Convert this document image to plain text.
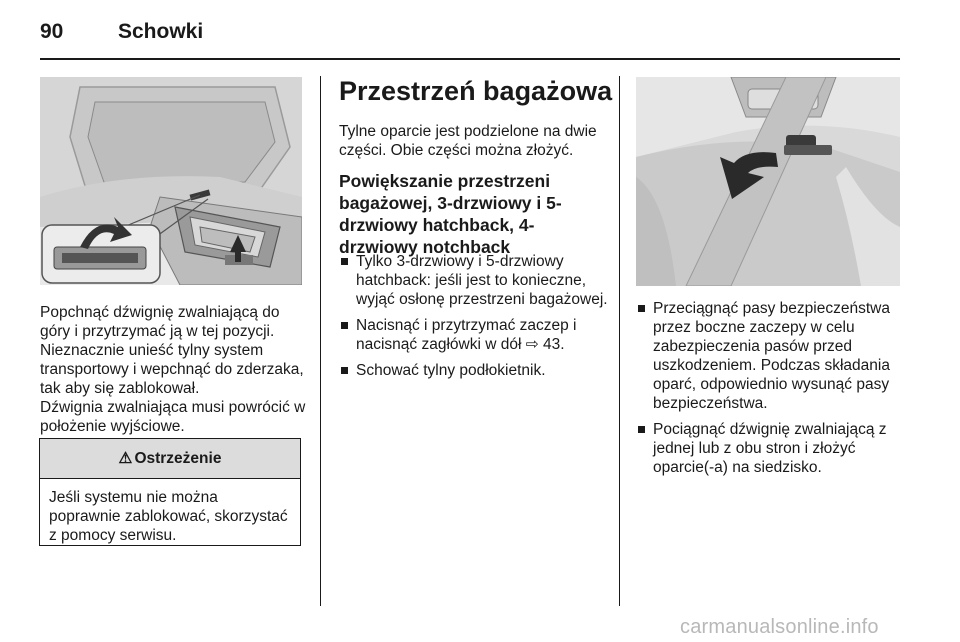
90	Schowki
Popchnąć dźwignię zwalniającą do góry i przytrzymać ją w tej pozycji. Nieznacznie unieść tylny system transportowy i wepchnąć do zderzaka, tak aby się zablokował.
Dźwignia zwalniająca musi powrócić w położenie wyjściowe.
⚠ Ostrzeżenie
Jeśli systemu nie można poprawnie zablokować, skorzystać z pomocy serwisu.
Przestrzeń bagażowa
Tylne oparcie jest podzielone na dwie części. Obie części można złożyć.
Powiększanie przestrzeni bagażowej, 3-drzwiowy i 5-drzwiowy hatchback, 4-drzwiowy notchback
Tylko 3-drzwiowy i 5-drzwiowy hatchback: jeśli jest to konieczne, wyjąć osłonę przestrzeni bagażowej.
Nacisnąć i przytrzymać zaczep i nacisnąć zagłówki w dół ⇨ 43.
Schować tylny podłokietnik.
Przeciągnąć pasy bezpieczeństwa przez boczne zaczepy w celu zabezpieczenia pasów przed uszkodzeniem. Podczas składania oparć, odpowiednio wysunąć pasy bezpieczeństwa.
Pociągnąć dźwignię zwalniającą z jednej lub z obu stron i złożyć oparcie(-a) na siedzisko.
carmanualsonline.info
